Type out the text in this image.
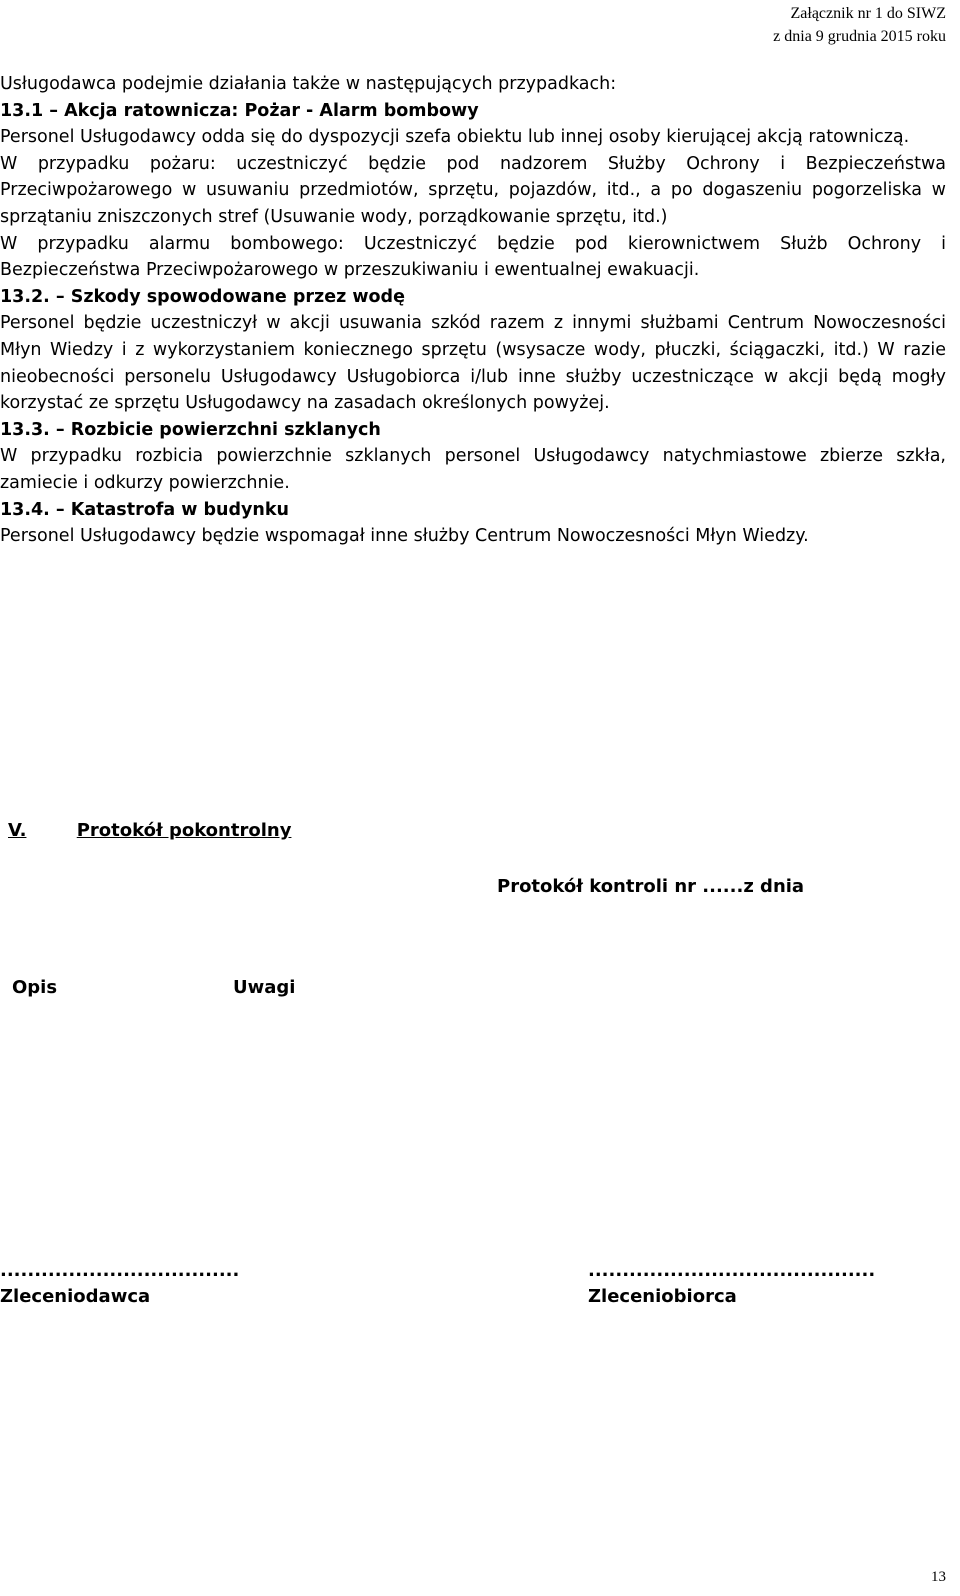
Załącznik nr 1 do SIWZ
z dnia 9 grudnia 2015 roku

Usługodawca podejmie działania także w następujących przypadkach:

13.1 – Akcja ratownicza: Pożar - Alarm bombowy

Personel Usługodawcy odda się do dyspozycji szefa obiektu lub innej osoby kierującej akcją ratowniczą.

W przypadku pożaru: uczestniczyć będzie pod nadzorem Służby Ochrony i Bezpieczeństwa Przeciwpożarowego w usuwaniu przedmiotów, sprzętu, pojazdów, itd., a po dogaszeniu pogorzeliska w sprzątaniu zniszczonych stref (Usuwanie wody, porządkowanie sprzętu, itd.)

W przypadku alarmu bombowego: Uczestniczyć będzie pod kierownictwem Służb Ochrony i Bezpieczeństwa Przeciwpożarowego w przeszukiwaniu i ewentualnej ewakuacji.

13.2. – Szkody spowodowane przez wodę

Personel będzie uczestniczył w akcji usuwania szkód razem z innymi służbami Centrum Nowoczesności Młyn Wiedzy i z wykorzystaniem koniecznego sprzętu (wsysacze wody, płuczki, ściągaczki, itd.) W razie nieobecności personelu Usługodawcy Usługobiorca i/lub inne służby uczestniczące w akcji będą mogły korzystać ze sprzętu Usługodawcy na zasadach określonych powyżej.

13.3. – Rozbicie powierzchni szklanych

W przypadku rozbicia powierzchnie szklanych personel Usługodawcy natychmiastowe zbierze szkła, zamiecie i odkurzy powierzchnie.

13.4. – Katastrofa w budynku

Personel Usługodawcy będzie wspomagał inne służby Centrum Nowoczesności Młyn Wiedzy.

V.	Protokół pokontrolny
Protokół kontroli nr ......z dnia
Opis	Uwagi
...................................
Zleceniodawca
..........................................
Zleceniobiorca
13
